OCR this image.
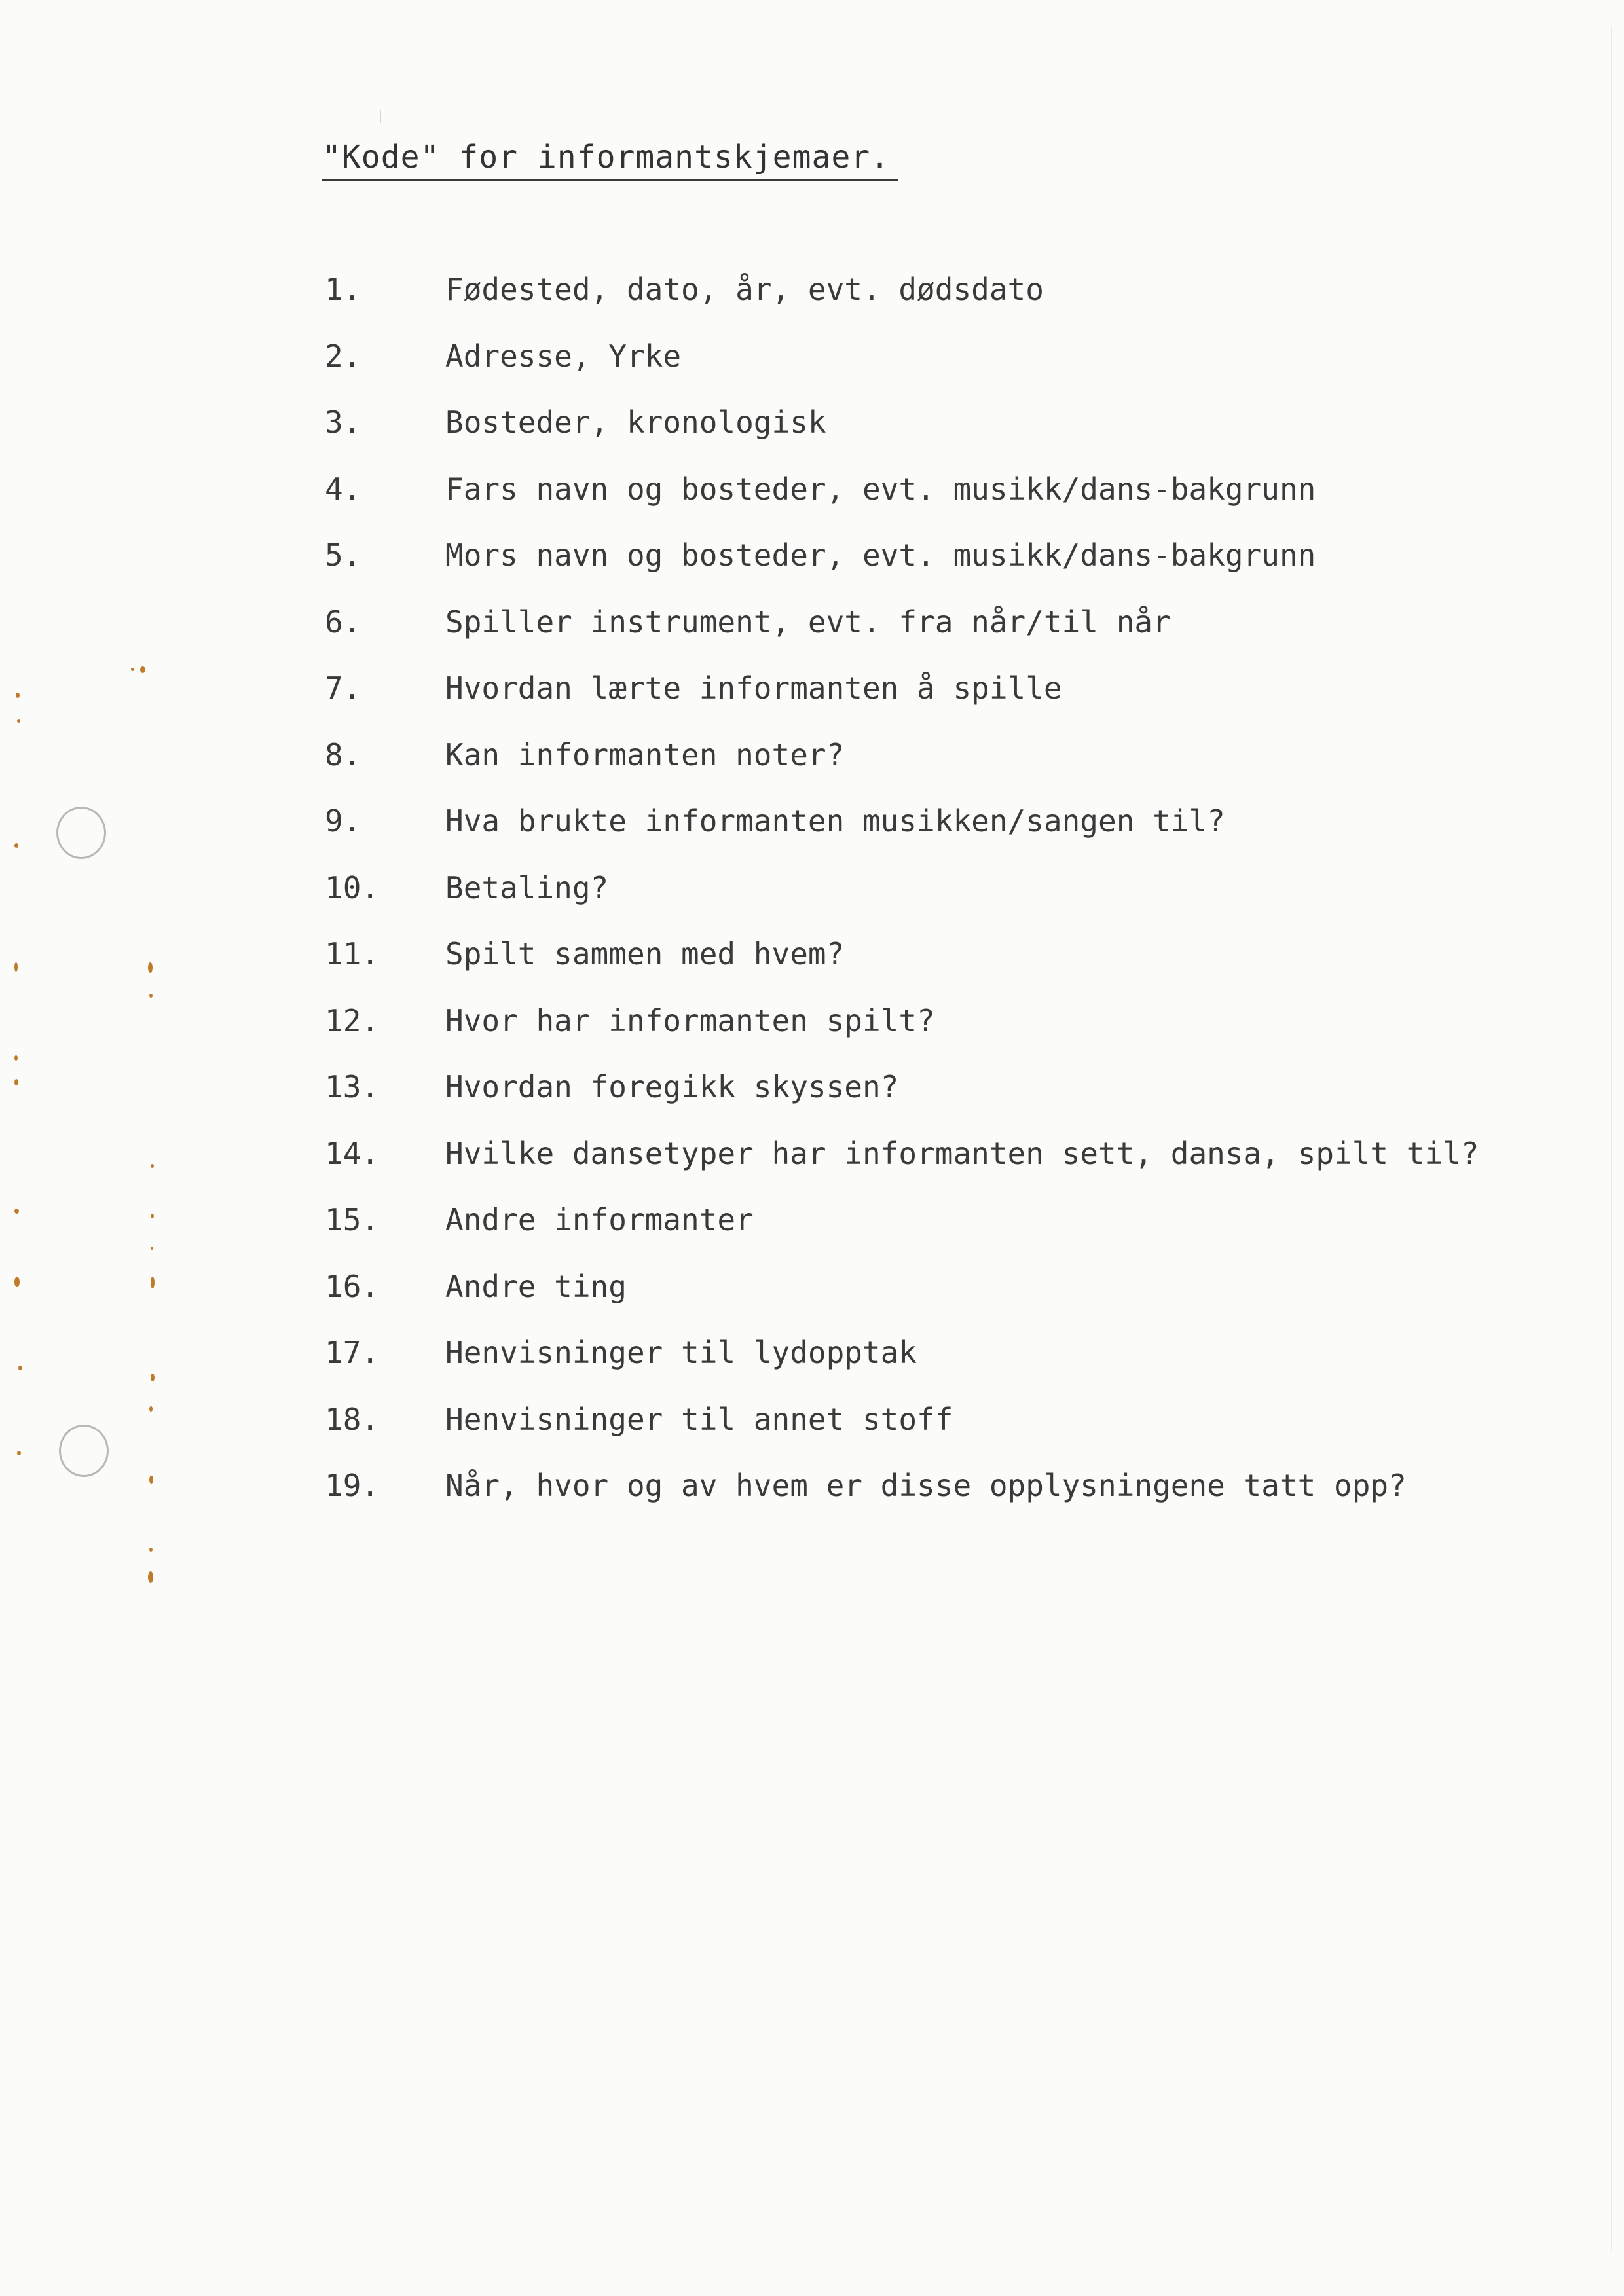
"Kode" for informantskjemaer.
1.	Fødested, dato, år, evt. dødsdato
2.	Adresse, Yrke
3.	Bosteder, kronologisk
4.	Fars navn og bosteder, evt. musikk/dans-bakgrunn
5.	Mors navn og bosteder, evt. musikk/dans-bakgrunn
6.	Spiller instrument, evt. fra når/til når
7.	Hvordan lærte informanten å spille
8.	Kan informanten noter?
9.	Hva brukte informanten musikken/sangen til?
10. Betaling?
11. Spilt sammen med hvem?
12. Hvor har informanten spilt?
13. Hvordan foregikk skyssen?
14. Hvilke dansetyper har informanten sett, dansa, spilt til?
15. Andre informanter
16. Andre ting
17. Henvisninger til lydopptak
18. Henvisninger til annet stoff
19. Når, hvor og av hvem er disse opplysningene tatt opp?
